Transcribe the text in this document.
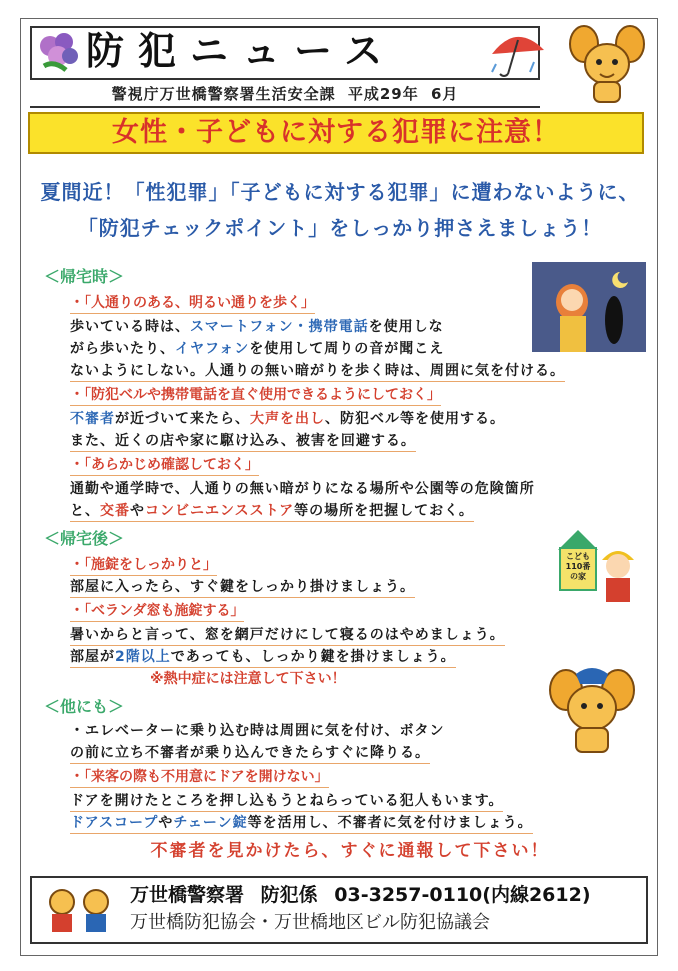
防犯ニュース
警視庁万世橋警察署生活安全課 平成29年 6月
女性・子どもに対する犯罪に注意！
夏間近！「性犯罪」「子どもに対する犯罪」に遭わないように、
「防犯チェックポイント」をしっかり押さえましょう！
＜帰宅時＞
・「人通りのある、明るい通りを歩く」
歩いている時は、スマートフォン・携帯電話を使用しな
がら歩いたり、イヤフォンを使用して周りの音が聞こえ
ないようにしない。人通りの無い暗がりを歩く時は、周囲に気を付ける。
・「防犯ベルや携帯電話を直ぐ使用できるようにしておく」
不審者が近づいて来たら、大声を出し、防犯ベル等を使用する。
また、近くの店や家に駆け込み、被害を回避する。
・「あらかじめ確認しておく」
通勤や通学時で、人通りの無い暗がりになる場所や公園等の危険箇所
と、交番やコンビニエンスストア等の場所を把握しておく。
＜帰宅後＞
こども
110番
の家
・「施錠をしっかりと」
部屋に入ったら、すぐ鍵をしっかり掛けましょう。
・「ベランダ窓も施錠する」
暑いからと言って、窓を網戸だけにして寝るのはやめましょう。
部屋が2階以上であっても、しっかり鍵を掛けましょう。
※熱中症には注意して下さい！
＜他にも＞
・エレベーターに乗り込む時は周囲に気を付け、ボタン
の前に立ち不審者が乗り込んできたらすぐに降りる。
・「来客の際も不用意にドアを開けない」
ドアを開けたところを押し込もうとねらっている犯人もいます。
ドアスコープやチェーン錠等を活用し、不審者に気を付けましょう。
不審者を見かけたら、すぐに通報して下さい！
万世橋警察署 防犯係 03-3257-0110(内線2612)
万世橋防犯協会・万世橋地区ビル防犯協議会
